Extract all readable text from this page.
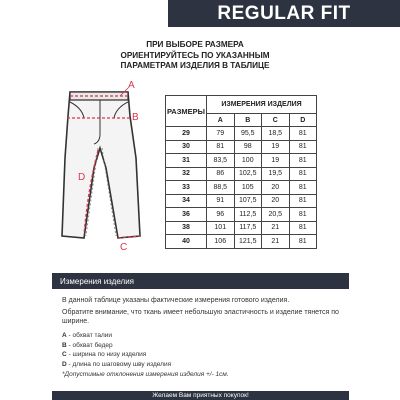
REGULAR FIT
ПРИ ВЫБОРЕ РАЗМЕРА
ОРИЕНТИРУЙТЕСЬ ПО УКАЗАННЫМ
ПАРАМЕТРАМ ИЗДЕЛИЯ В ТАБЛИЦЕ
A
B
D
C
РАЗМЕРЫ	ИЗМЕРЕНИЯ ИЗДЕЛИЯ			
	A	B	C	D
29	79	95,5	18,5	81
30	81	98	19	81
31	83,5	100	19	81
32	86	102,5	19,5	81
33	88,5	105	20	81
34	91	107,5	20	81
36	96	112,5	20,5	81
38	101	117,5	21	81
40	106	121,5	21	81
Измерения изделия
В данной таблице указаны фактические измерения готового изделия.
Обратите внимание, что ткань имеет небольшую эластичность и изделие тянется по ширине.
A - обхват талии
B - обхват бедер
C - ширина по низу изделия
D - длина по шаговому шву изделия
*Допустимые отклонения измерения изделия +/- 1см.
Желаем Вам приятных покупок!
